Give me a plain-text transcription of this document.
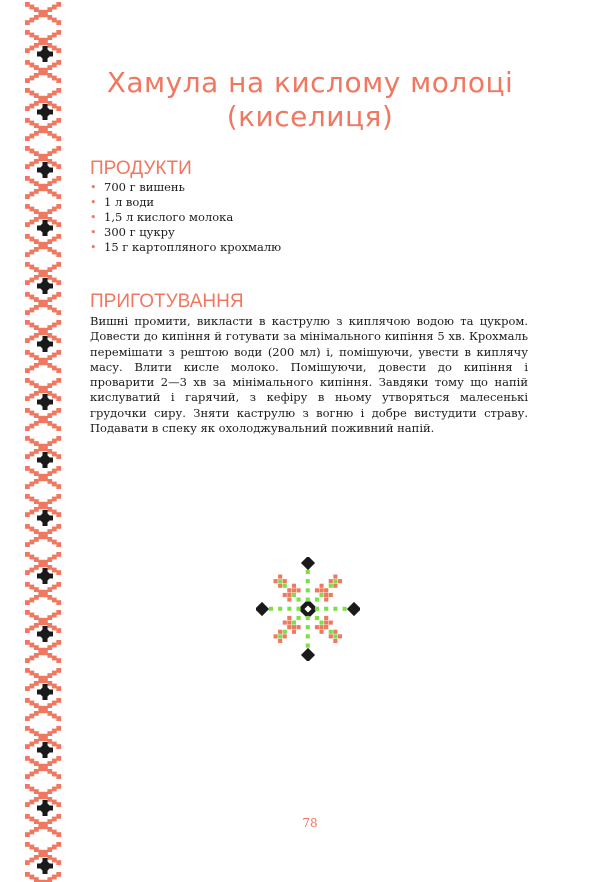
Хамула на кислому молоці (киселиця)
ПРОДУКТИ
• 700 г вишень
• 1 л води
• 1,5 л кислого молока
• 300 г цукру
• 15 г картопляного крохмалю
ПРИГОТУВАННЯ

Вишні промити, викласти в каструлю з киплячою водою та цукром. Довести до кипіння й готувати за мінімального кипіння 5 хв. Крохмаль перемішати з рештою води (200 мл) і, помішуючи, увести в киплячу масу. Влити кисле молоко. Помішуючи, довести до кипіння і проварити 2—3 хв за мінімального кипіння. Завдяки тому що напій кислуватий і гарячий, з кефіру в ньому утворяться малесенькі грудочки сиру. Зняти каструлю з вогню і добре вистудити страву. Подавати в спеку як охолоджувальний поживний напій.

78
